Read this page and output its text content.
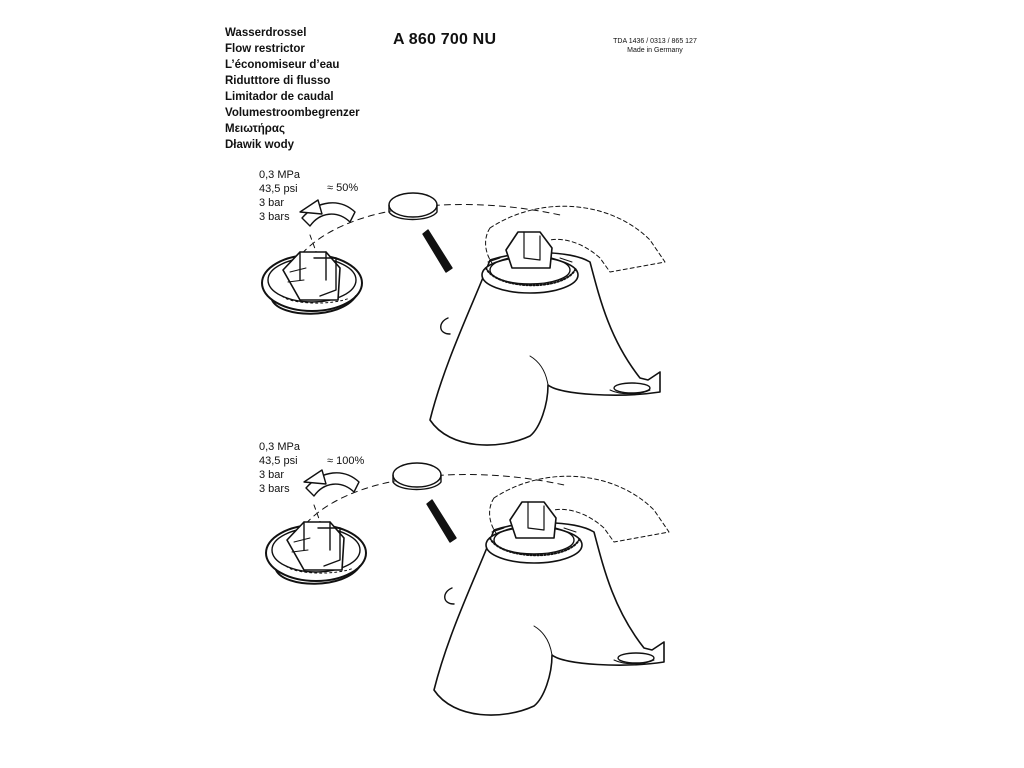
Wasserdrossel
Flow restrictor
L’économiseur d’eau
Ridutttore di flusso
Limitador de caudal
Volumestroombegrenzer
Μειωτήρας
Dławik wody
A 860 700 NU	TDA 1436 / 0313 / 865 127
Made in Germany
0,3 MPa
43,5 psi
3 bar
3 bars
≈ 50%
0,3 MPa
43,5 psi
3 bar
3 bars
≈ 100%
